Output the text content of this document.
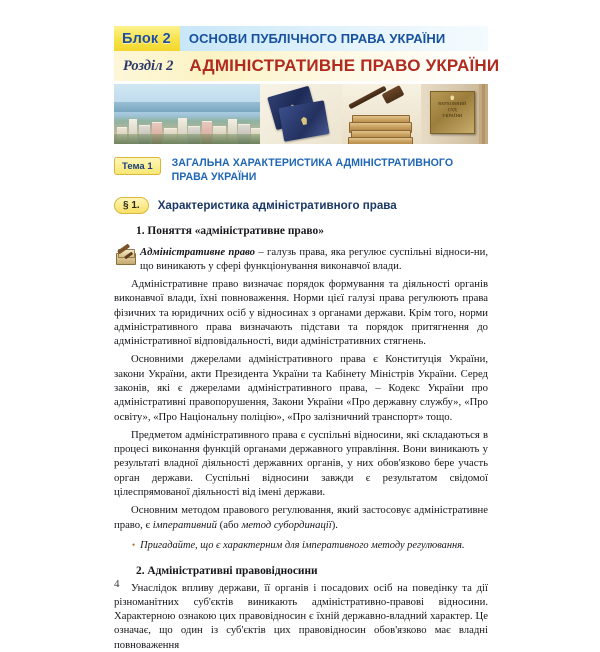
Блок 2	ОСНОВИ ПУБЛІЧНОГО ПРАВА УКРАЇНИ
Розділ 2 АДМІНІСТРАТИВНЕ ПРАВО УКРАЇНИ
ВЕРХОВНИЙ
СУД
УКРАЇНИ
Тема 1	ЗАГАЛЬНА ХАРАКТЕРИСТИКА АДМІНІСТРАТИВНОГО ПРАВА УКРАЇНИ
§ 1.	Характеристика адміністративного права
1. Поняття «адміністративне право»
Адміністративне право – галузь права, яка регулює суспільні відноси-ни, що виникають у сфері функціонування виконавчої влади.

Адміністративне право визначає порядок формування та діяльності органів виконавчої влади, їхні повноваження. Норми цієї галузі права регулюють права фізичних та юридичних осіб у відносинах з органами держави. Крім того, норми адміністративного права визначають підстави та порядок притягнення до адміністративної відповідальності, види адміністративних стягнень.

Основними джерелами адміністративного права є Конституція України, закони України, акти Президента України та Кабінету Міністрів України. Серед законів, які є джерелами адміністративного права, – Кодекс України про адміністративні правопорушення, Закони України «Про державну службу», «Про освіту», «Про Національну поліцію», «Про залізничний транспорт» тощо.

Предметом адміністративного права є суспільні відносини, які складаються в процесі виконання функцій органами державного управління. Вони виникають у результаті владної діяльності державних органів, у них обов'язково бере участь орган держави. Суспільні відносини завжди є результатом свідомої цілеспрямованої діяльності від імені держави.

Основним методом правового регулювання, який застосовує адміністративне право, є імперативний (або метод субординації).

• Пригадайте, що є характерним для імперативного методу регулювання.
2. Адміністративні правовідносини

Унаслідок впливу держави, її органів і посадових осіб на поведінку та дії різноманітних суб'єктів виникають адміністративно-правові відносини. Характерною ознакою цих правовідносин є їхній державно-владний характер. Це означає, що один із суб'єктів цих правовідносин обов'язково має владні повноваження

4
